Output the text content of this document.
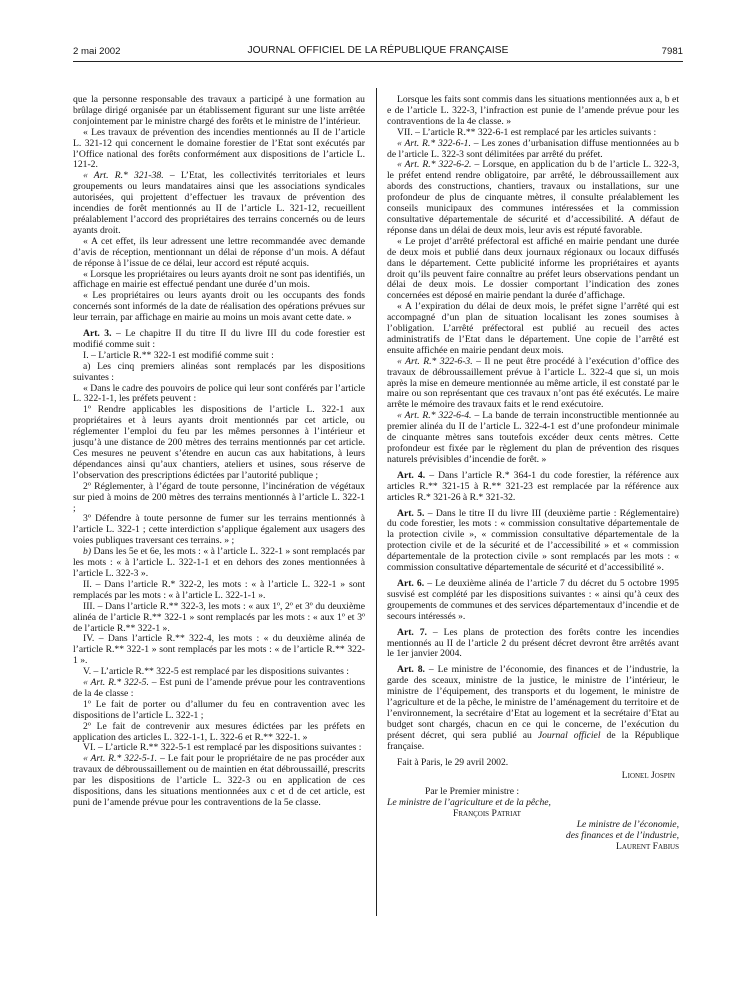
2 mai 2002	JOURNAL OFFICIEL DE LA RÉPUBLIQUE FRANÇAISE	7981

que la personne responsable des travaux a participé à une formation au brûlage dirigé organisée par un établissement figurant sur une liste arrêtée conjointement par le ministre chargé des forêts et le ministre de l’intérieur.

« Les travaux de prévention des incendies mentionnés au II de l’article L. 321-12 qui concernent le domaine forestier de l’Etat sont exécutés par l’Office national des forêts conformément aux dispositions de l’article L. 121-2.

« Art. R.* 321-38. – L’Etat, les collectivités territoriales et leurs groupements ou leurs mandataires ainsi que les associations syndicales autorisées, qui projettent d’effectuer les travaux de prévention des incendies de forêt mentionnés au II de l’article L. 321-12, recueillent préalablement l’accord des propriétaires des terrains concernés ou de leurs ayants droit.

« A cet effet, ils leur adressent une lettre recommandée avec demande d’avis de réception, mentionnant un délai de réponse d’un mois. A défaut de réponse à l’issue de ce délai, leur accord est réputé acquis.

« Lorsque les propriétaires ou leurs ayants droit ne sont pas identifiés, un affichage en mairie est effectué pendant une durée d’un mois.

« Les propriétaires ou leurs ayants droit ou les occupants des fonds concernés sont informés de la date de réalisation des opérations prévues sur leur terrain, par affichage en mairie au moins un mois avant cette date. »

Art. 3. – Le chapitre II du titre II du livre III du code forestier est modifié comme suit :

I. – L’article R.** 322-1 est modifié comme suit :

a) Les cinq premiers alinéas sont remplacés par les dispositions suivantes :

« Dans le cadre des pouvoirs de police qui leur sont conférés par l’article L. 322-1-1, les préfets peuvent :

1º Rendre applicables les dispositions de l’article L. 322-1 aux propriétaires et à leurs ayants droit mentionnés par cet article, ou réglementer l’emploi du feu par les mêmes personnes à l’intérieur et jusqu’à une distance de 200 mètres des terrains mentionnés par cet article. Ces mesures ne peuvent s’étendre en aucun cas aux habitations, à leurs dépendances ainsi qu’aux chantiers, ateliers et usines, sous réserve de l’observation des prescriptions édictées par l’autorité publique ;

2º Réglementer, à l’égard de toute personne, l’incinération de végétaux sur pied à moins de 200 mètres des terrains mentionnés à l’article L. 322-1 ;

3º Défendre à toute personne de fumer sur les terrains mentionnés à l’article L. 322-1 ; cette interdiction s’applique également aux usagers des voies publiques traversant ces terrains. » ;

b) Dans les 5e et 6e, les mots : « à l’article L. 322-1 » sont remplacés par les mots : « à l’article L. 322-1-1 et en dehors des zones mentionnées à l’article L. 322-3 ».

II. – Dans l’article R.* 322-2, les mots : « à l’article L. 322-1 » sont remplacés par les mots : « à l’article L. 322-1-1 ».

III. – Dans l’article R.** 322-3, les mots : « aux 1º, 2º et 3º du deuxième alinéa de l’article R.** 322-1 » sont remplacés par les mots : « aux 1º et 3º de l’article R.** 322-1 ».

IV. – Dans l’article R.** 322-4, les mots : « du deuxième alinéa de l’article R.** 322-1 » sont remplacés par les mots : « de l’article R.** 322-1 ».

V. – L’article R.** 322-5 est remplacé par les dispositions suivantes :

« Art. R.* 322-5. – Est puni de l’amende prévue pour les contraventions de la 4e classe :

1º Le fait de porter ou d’allumer du feu en contravention avec les dispositions de l’article L. 322-1 ;

2º Le fait de contrevenir aux mesures édictées par les préfets en application des articles L. 322-1-1, L. 322-6 et R.** 322-1. »

VI. – L’article R.** 322-5-1 est remplacé par les dispositions suivantes :

« Art. R.* 322-5-1. – Le fait pour le propriétaire de ne pas procéder aux travaux de débroussaillement ou de maintien en état débroussaillé, prescrits par les dispositions de l’article L. 322-3 ou en application de ces dispositions, dans les situations mentionnées aux c et d de cet article, est puni de l’amende prévue pour les contraventions de la 5e classe.

Lorsque les faits sont commis dans les situations mentionnées aux a, b et e de l’article L. 322-3, l’infraction est punie de l’amende prévue pour les contraventions de la 4e classe. »

VII. – L’article R.** 322-6-1 est remplacé par les articles suivants :

« Art. R.* 322-6-1. – Les zones d’urbanisation diffuse mentionnées au b de l’article L. 322-3 sont délimitées par arrêté du préfet.

« Art. R.* 322-6-2. – Lorsque, en application du b de l’article L. 322-3, le préfet entend rendre obligatoire, par arrêté, le débroussaillement aux abords des constructions, chantiers, travaux ou installations, sur une profondeur de plus de cinquante mètres, il consulte préalablement les conseils municipaux des communes intéressées et la commission consultative départementale de sécurité et d’accessibilité. A défaut de réponse dans un délai de deux mois, leur avis est réputé favorable.

« Le projet d’arrêté préfectoral est affiché en mairie pendant une durée de deux mois et publié dans deux journaux régionaux ou locaux diffusés dans le département. Cette publicité informe les propriétaires et ayants droit qu’ils peuvent faire connaître au préfet leurs observations pendant un délai de deux mois. Le dossier comportant l’indication des zones concernées est déposé en mairie pendant la durée d’affichage.

« A l’expiration du délai de deux mois, le préfet signe l’arrêté qui est accompagné d’un plan de situation localisant les zones soumises à l’obligation. L’arrêté préfectoral est publié au recueil des actes administratifs de l’Etat dans le département. Une copie de l’arrêté est ensuite affichée en mairie pendant deux mois.

« Art. R.* 322-6-3. – Il ne peut être procédé à l’exécution d’office des travaux de débroussaillement prévue à l’article L. 322-4 que si, un mois après la mise en demeure mentionnée au même article, il est constaté par le maire ou son représentant que ces travaux n’ont pas été exécutés. Le maire arrête le mémoire des travaux faits et le rend exécutoire.

« Art. R.* 322-6-4. – La bande de terrain inconstructible mentionnée au premier alinéa du II de l’article L. 322-4-1 est d’une profondeur minimale de cinquante mètres sans toutefois excéder deux cents mètres. Cette profondeur est fixée par le règlement du plan de prévention des risques naturels prévisibles d’incendie de forêt. »

Art. 4. – Dans l’article R.* 364-1 du code forestier, la référence aux articles R.** 321-15 à R.** 321-23 est remplacée par la référence aux articles R.* 321-26 à R.* 321-32.

Art. 5. – Dans le titre II du livre III (deuxième partie : Réglementaire) du code forestier, les mots : « commission consultative départementale de la protection civile », « commission consultative départementale de la protection civile et de la sécurité et de l’accessibilité » et « commission départementale de la protection civile » sont remplacés par les mots : « commission consultative départementale de sécurité et d’accessibilité ».

Art. 6. – Le deuxième alinéa de l’article 7 du décret du 5 octobre 1995 susvisé est complété par les dispositions suivantes : « ainsi qu’à ceux des groupements de communes et des services départementaux d’incendie et de secours intéressés ».

Art. 7. – Les plans de protection des forêts contre les incendies mentionnés au II de l’article 2 du présent décret devront être arrêtés avant le 1er janvier 2004.

Art. 8. – Le ministre de l’économie, des finances et de l’industrie, la garde des sceaux, ministre de la justice, le ministre de l’intérieur, le ministre de l’équipement, des transports et du logement, le ministre de l’agriculture et de la pêche, le ministre de l’aménagement du territoire et de l’environnement, la secrétaire d’Etat au logement et la secrétaire d’Etat au budget sont chargés, chacun en ce qui le concerne, de l’exécution du présent décret, qui sera publié au Journal officiel de la République française.

Fait à Paris, le 29 avril 2002.

Lionel Jospin

Par le Premier ministre :

Le ministre de l’agriculture et de la pêche,

François Patriat

Le ministre de l’économie,

des finances et de l’industrie,

Laurent Fabius
